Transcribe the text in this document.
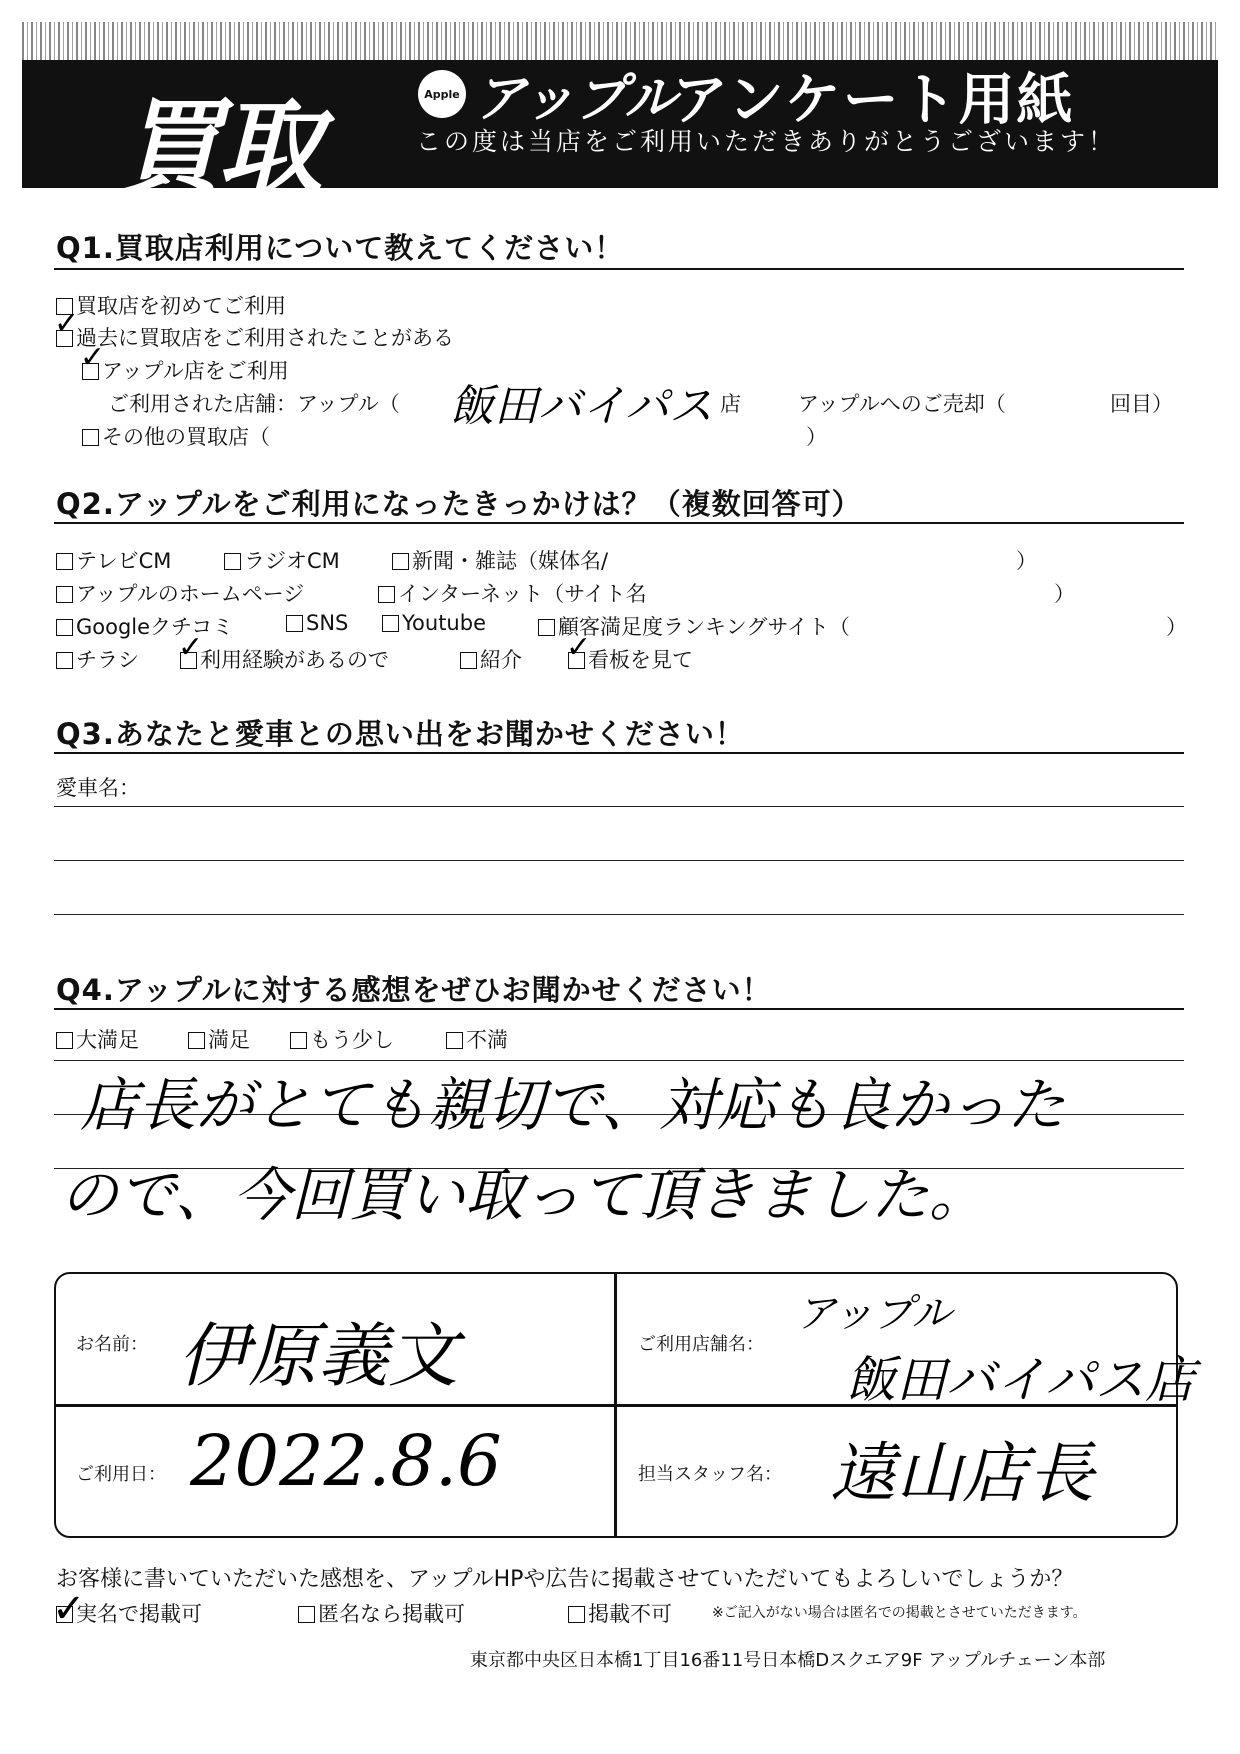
買取	Apple アップル
アンケート用紙
この度は当店をご利用いただきありがとうございます！
Q1.買取店利用について教えてください！
買取店を初めてご利用
過去に買取店をご利用されたことがある
✓
アップル店をご利用
✓
ご利用された店舗：アップル（ 飯田バイパス 店	アップルへのご売却（	回目）
その他の買取店（	）
Q2.アップルをご利用になったきっかけは？（複数回答可）
テレビCM	ラジオCM	新聞・雑誌（媒体名/	）
アップルのホームページ	インターネット（サイト名	）
Googleクチコミ	SNS	Youtube	顧客満足度ランキングサイト（	）
チラシ	利用経験があるので
✓	紹介	看板を見て
✓
Q3.あなたと愛車との思い出をお聞かせください！
愛車名：
Q4.アップルに対する感想をぜひお聞かせください！
大満足	満足	もう少し	不満
店長がとても親切で、対応も良かった
ので、今回買い取って頂きました。
お名前： 伊原義文	ご利用店舗名：
アップル
飯田バイパス店
ご利用日： 2022.8.6	担当スタッフ名： 遠山店長
お客様に書いていただいた感想を、アップルHPや広告に掲載させていただいてもよろしいでしょうか？
実名で掲載可
✓	匿名なら掲載可	掲載不可	※ご記入がない場合は匿名での掲載とさせていただきます。
東京都中央区日本橋1丁目16番11号日本橋Dスクエア9F アップルチェーン本部
